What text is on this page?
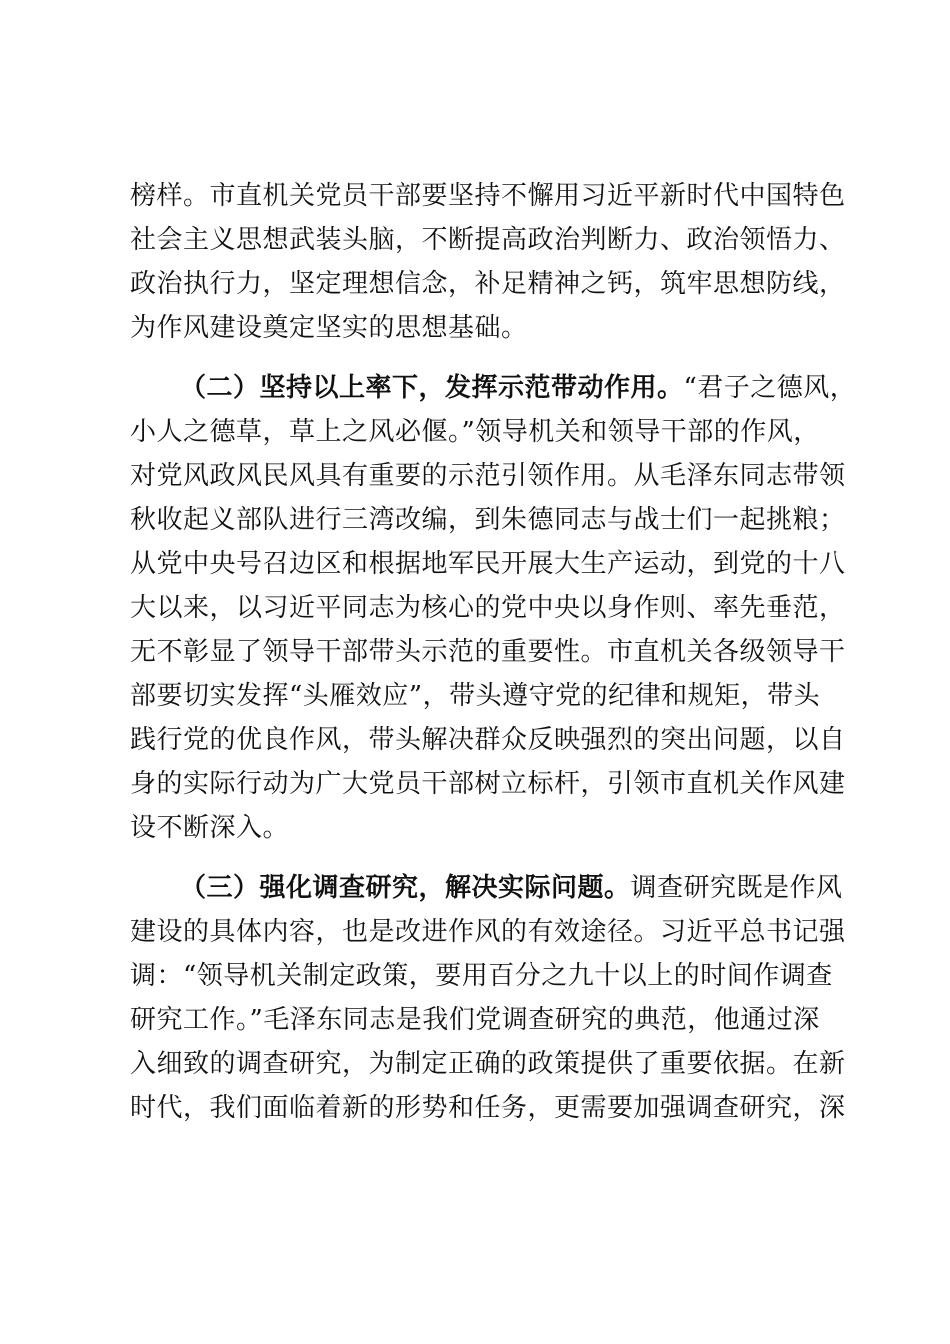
榜样。市直机关党员干部要坚持不懈用习近平新时代中国特色
社会主义思想武装头脑，不断提高政治判断力、政治领悟力、
政治执行力，坚定理想信念，补足精神之钙，筑牢思想防线，
为作风建设奠定坚实的思想基础。
（二）坚持以上率下，发挥示范带动作用。“君子之德风，
小人之德草，草上之风必偃。”领导机关和领导干部的作风，
对党风政风民风具有重要的示范引领作用。从毛泽东同志带领
秋收起义部队进行三湾改编，到朱德同志与战士们一起挑粮；
从党中央号召边区和根据地军民开展大生产运动，到党的十八
大以来，以习近平同志为核心的党中央以身作则、率先垂范，
无不彰显了领导干部带头示范的重要性。市直机关各级领导干
部要切实发挥“头雁效应”，带头遵守党的纪律和规矩，带头
践行党的优良作风，带头解决群众反映强烈的突出问题，以自
身的实际行动为广大党员干部树立标杆，引领市直机关作风建
设不断深入。
（三）强化调查研究，解决实际问题。调查研究既是作风
建设的具体内容，也是改进作风的有效途径。习近平总书记强
调：“领导机关制定政策，要用百分之九十以上的时间作调查
研究工作。”毛泽东同志是我们党调查研究的典范，他通过深
入细致的调查研究，为制定正确的政策提供了重要依据。在新
时代，我们面临着新的形势和任务，更需要加强调查研究，深
